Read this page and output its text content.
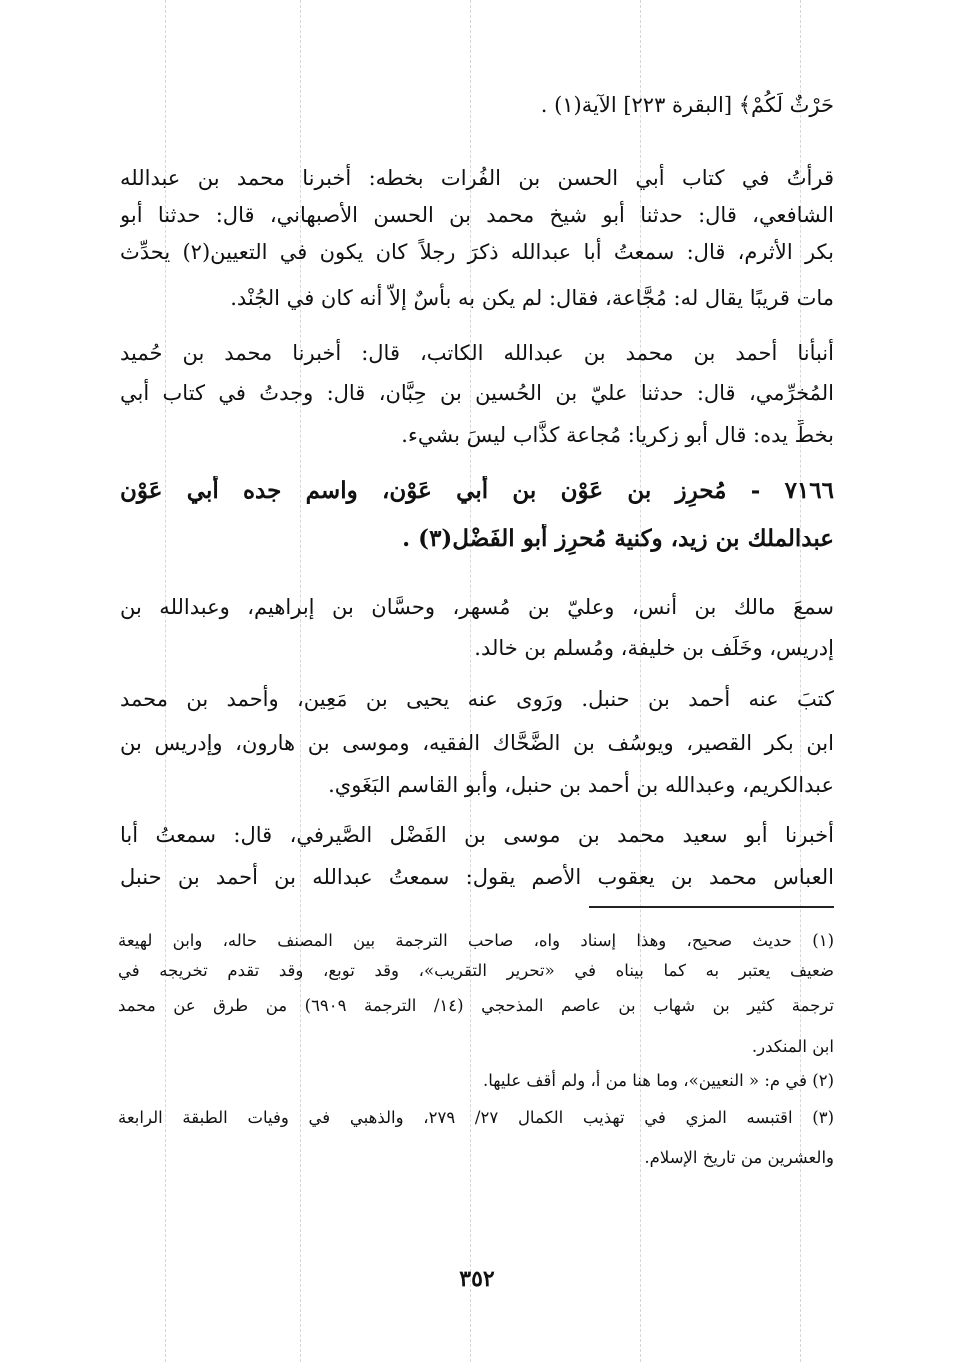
حَرْثٌ لَكُمْ﴾ [البقرة ٢٢٣] الآية(١) .
قرأتُ في كتاب أبي الحسن بن الفُرات بخطه: أخبرنا محمد بن عبدالله
الشافعي، قال: حدثنا أبو شيخ محمد بن الحسن الأصبهاني، قال: حدثنا أبو
بكر الأثرم، قال: سمعتُ أبا عبدالله ذكرَ رجلاً كان يكون في التعيين(٢) يحدِّث
مات قريبًا يقال له: مُجَّاعة، فقال: لم يكن به بأسٌ إلاّ أنه كان في الجُنْد.
أنبأنا أحمد بن محمد بن عبدالله الكاتب، قال: أخبرنا محمد بن حُميد
المُخرِّمي، قال: حدثنا عليّ بن الحُسين بن حِبَّان، قال: وجدتُ في كتاب أبي
بخطِّ يده: قال أبو زكريا: مُجاعة كذَّاب ليسَ بشيء.
٧١٦٦ - مُحرِز بن عَوْن بن أبي عَوْن، واسم جده أبي عَوْن
عبدالملك بن زيد، وكنية مُحرِز أبو الفَضْل(٣) .
سمعَ مالك بن أنس، وعليّ بن مُسهر، وحسَّان بن إبراهيم، وعبدالله بن
إدريس، وخَلَف بن خليفة، ومُسلم بن خالد.
كتبَ عنه أحمد بن حنبل. ورَوى عنه يحيى بن مَعِين، وأحمد بن محمد
ابن بكر القصير، ويوسُف بن الضَّحَّاك الفقيه، وموسى بن هارون، وإدريس بن
عبدالكريم، وعبدالله بن أحمد بن حنبل، وأبو القاسم البَغَوي.
أخبرنا أبو سعيد محمد بن موسى بن الفَضْل الصَّيرفي، قال: سمعتُ أبا
العباس محمد بن يعقوب الأصم يقول: سمعتُ عبدالله بن أحمد بن حنبل
(١) حديث صحيح، وهذا إسناد واه، صاحب الترجمة بين المصنف حاله، وابن لهيعة
ضعيف يعتبر به كما بيناه في «تحرير التقريب»، وقد توبع، وقد تقدم تخريجه في
ترجمة كثير بن شهاب بن عاصم المذحجي (١٤/ الترجمة ٦٩٠٩) من طرق عن محمد
ابن المنكدر.
(٢) في م: « النعيين»، وما هنا من أ، ولم أقف عليها.
(٣) اقتبسه المزي في تهذيب الكمال ٢٧/ ٢٧٩، والذهبي في وفيات الطبقة الرابعة
والعشرين من تاريخ الإسلام.
٣٥٢
